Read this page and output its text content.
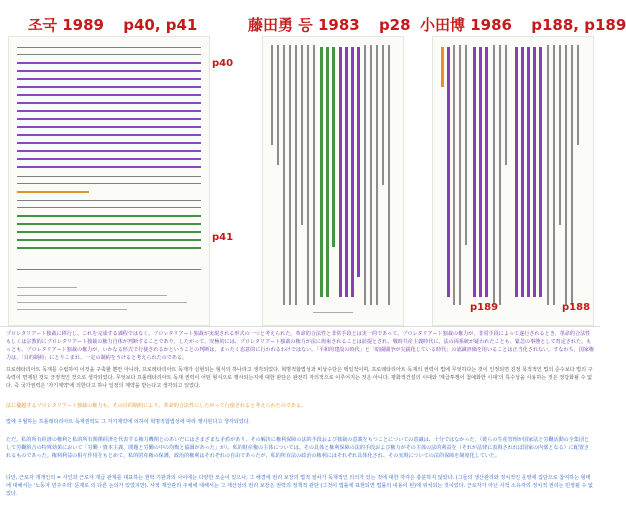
조국 1989 p40, p41	藤田勇 등 1983 p28 小田博 1986 p188, p189
p40
p41
p189	p188

プロレタリアート独裁に移行し、これを完成する課程ではなく、プロレタリアート独裁が実現される形式の一つと考えられた。革命的合法性と非常手段とは実一的であって、プロレタリアート独裁の権力が、非常手段によって遂行されるとき、革命的合法性もしくは宗教的にプロレタリアート独裁の権力自体が判断することであり、したがって、究極的には、プロレタリアート独裁の権力が法に拘束されることは前提とされ、戦時共産主義時代に、法の両系統が疑われたことも、緊急の事態として育定された。もっとも、プロレタリアート独裁の権力が、いかなる形式で行使されるかということの判断は、まったく恣意的に行われるわけではない。「平和的建設の時代」と「暗闘闘争が尖鋭化している時代」の認識評価を用いることは正当化されない。すなわち、国家権力は、「目的制約」にとりこまれ、一定の制約をうけると考えられたのである。

프로레타리아트 독재를 수립하여 이것을 구축할 뿐만 아니라, 프로레타리아트 독재가 실현되는 형식의 하나라고 생각되었다. 혁명적합법성과 비상수단은 택일적이며, 프로레타리아트 독재의 권력이 법에 무엇하다는 것이 인정되면 진정 목적적인 법의 준수보다 법의 구속력이 면제된 것도 긍정적인 것으로 생각되었다. 무엇보다 프롤레타리아트 독재 권력이 어떤 형식으로 행사되는지에 대한 판단은 완전히 자의적으로 이루어지는 것은 아니다. 평화적건설의 시대와 '계급투쟁이 첨예화한 시대'의 특수성을 사용하는 것은 정당화될 수 없다. 즉 국가권력은 '자기제약'에 의한다고 하나 일정의 제약을 받는다고 생각되고 있었다.

法に優越するプロレタリアート独裁の権力も、その目的制約により、革命的合法性にしたがって行使されると考えられたのである。

법에 우월하는 프롤레타리아트 독재권력도 그 자기제약에 의하여 혁명적합법성에 따라 행사된다고 생각되었다.

ただ、私的所有経済の権利と私的所有関係経済を代表する権力機関とのあいだにはさまざまな矛盾があり、その解決に権利保障の法的手段および独裁の意義をもつことについての意識は、十分ではなかった。（彼らの生産管理が国家法と労働活動の全集団として労働組合の特殊効果において「労働・資本主義、問題と労働の中の均衡と協調があった」が）。私的財産権の主体については、その具体と権利保障の法的手段および権力がその主体の法的利益を（それが法律に表現されれば国家の内部となる）に配置されるものであった。権利利益の相互作用をもとめて、私的財産権の保護、政治的権利はそれぞれの自由であったが、私的所有法の政治の権利にはそれぞれ具体化され、その実現についての法的保障を制度化していた。

다만, 근로자 개개인의 = 사인과 근로자 개급 관계를 대표하는 권력 기관과의 사이에는 다양한 모순이 있으나, 그 해결에 권리 보장의 법적 절차가 독재적인 의의가 있는 것에 대한 자각은 충분하지 않았다. (그들의 생산관리와 정치적인 운영에 집단으로 참여하는 형태에 대해서는 '노동자 민주주의' 문제로 의 다른 논의가 있었지만). 사적 재산관리 주체에 대해서는 그 재산상의 권리 보장은 권력의 정책적 관단 (그것이 법률에 표현되면 법률의 내용이 된)에 위치되는 것이었다. 근로자가 아닌 사적 소유자의 정치적 권리는 민정될 수 없었다.
